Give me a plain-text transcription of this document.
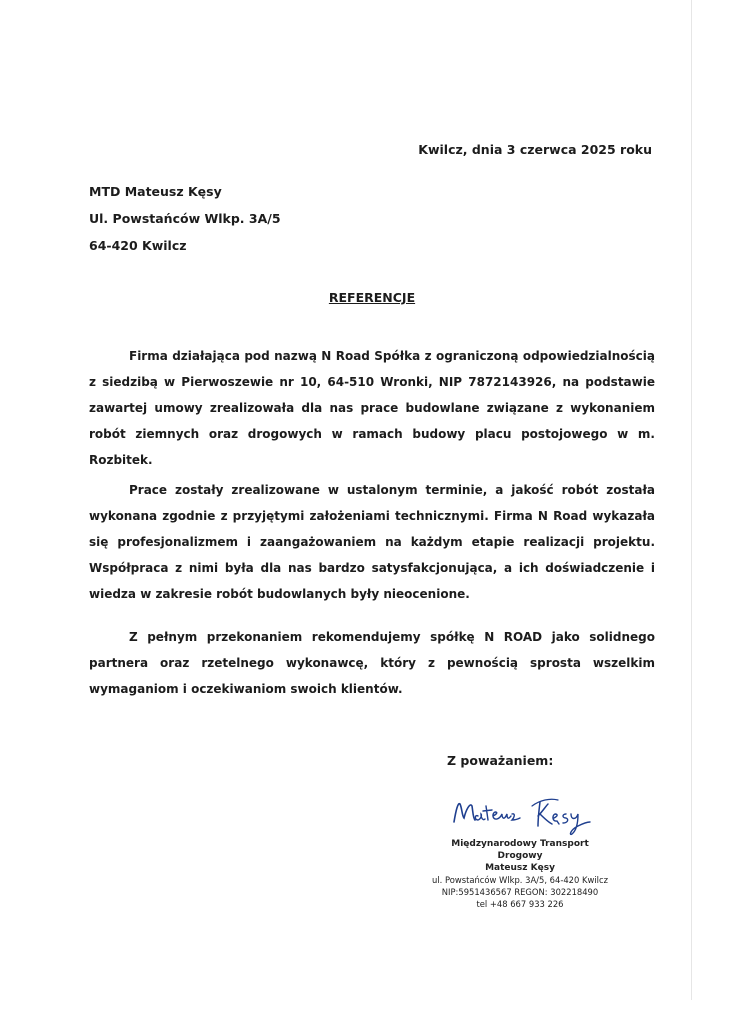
Kwilcz, dnia 3 czerwca 2025 roku
MTD Mateusz Kęsy
Ul. Powstańców Wlkp. 3A/5
64-420 Kwilcz
REFERENCJE
Firma działająca pod nazwą N Road Spółka z ograniczoną odpowiedzialnością z siedzibą w Pierwoszewie nr 10, 64-510 Wronki, NIP 7872143926, na podstawie zawartej umowy zrealizowała dla nas prace budowlane związane z wykonaniem robót ziemnych oraz drogowych w ramach budowy placu postojowego w m. Rozbitek.
Prace zostały zrealizowane w ustalonym terminie, a jakość robót została wykonana zgodnie z przyjętymi założeniami technicznymi. Firma N Road wykazała się profesjonalizmem i zaangażowaniem na każdym etapie realizacji projektu. Współpraca z nimi była dla nas bardzo satysfakcjonująca, a ich doświadczenie i wiedza w zakresie robót budowlanych były nieocenione.
Z pełnym przekonaniem rekomendujemy spółkę N ROAD jako solidnego partnera oraz rzetelnego wykonawcę, który z pewnością sprosta wszelkim wymaganiom i oczekiwaniom swoich klientów.
Z poważaniem:
Międzynarodowy Transport Drogowy
Mateusz Kęsy
ul. Powstańców Wlkp. 3A/5, 64-420 Kwilcz
NIP:5951436567 REGON: 302218490
tel +48 667 933 226
